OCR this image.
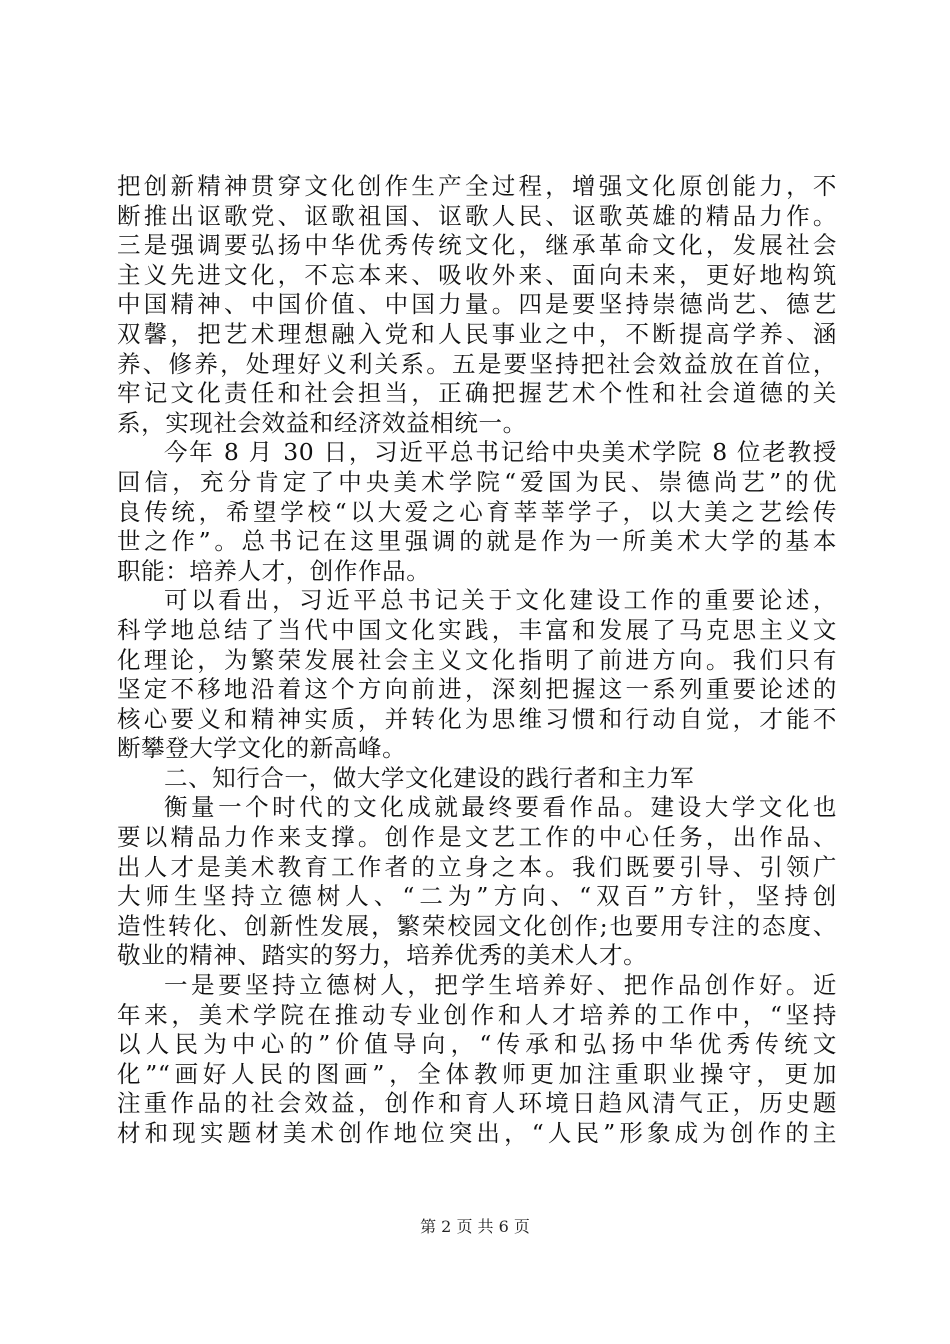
把创新精神贯穿文化创作生产全过程，增强文化原创能力，不
断推出讴歌党、讴歌祖国、讴歌人民、讴歌英雄的精品力作。
三是强调要弘扬中华优秀传统文化，继承革命文化，发展社会
主义先进文化，不忘本来、吸收外来、面向未来，更好地构筑
中国精神、中国价值、中国力量。四是要坚持崇德尚艺、德艺
双馨，把艺术理想融入党和人民事业之中，不断提高学养、涵
养、修养，处理好义利关系。五是要坚持把社会效益放在首位，
牢记文化责任和社会担当，正确把握艺术个性和社会道德的关
系，实现社会效益和经济效益相统一。
今年 8 月 30 日，习近平总书记给中央美术学院 8 位老教授
回信，充分肯定了中央美术学院“爱国为民、崇德尚艺”的优
良传统，希望学校“以大爱之心育莘莘学子，以大美之艺绘传
世之作”。总书记在这里强调的就是作为一所美术大学的基本
职能：培养人才，创作作品。
可以看出，习近平总书记关于文化建设工作的重要论述，
科学地总结了当代中国文化实践，丰富和发展了马克思主义文
化理论，为繁荣发展社会主义文化指明了前进方向。我们只有
坚定不移地沿着这个方向前进，深刻把握这一系列重要论述的
核心要义和精神实质，并转化为思维习惯和行动自觉，才能不
断攀登大学文化的新高峰。
二、知行合一，做大学文化建设的践行者和主力军
衡量一个时代的文化成就最终要看作品。建设大学文化也
要以精品力作来支撑。创作是文艺工作的中心任务，出作品、
出人才是美术教育工作者的立身之本。我们既要引导、引领广
大师生坚持立德树人、“二为”方向、“双百”方针，坚持创
造性转化、创新性发展，繁荣校园文化创作;也要用专注的态度、
敬业的精神、踏实的努力，培养优秀的美术人才。
一是要坚持立德树人，把学生培养好、把作品创作好。近
年来，美术学院在推动专业创作和人才培养的工作中，“坚持
以人民为中心的”价值导向，“传承和弘扬中华优秀传统文
化”“画好人民的图画”，全体教师更加注重职业操守，更加
注重作品的社会效益，创作和育人环境日趋风清气正，历史题
材和现实题材美术创作地位突出，“人民”形象成为创作的主
第 2 页 共 6 页
